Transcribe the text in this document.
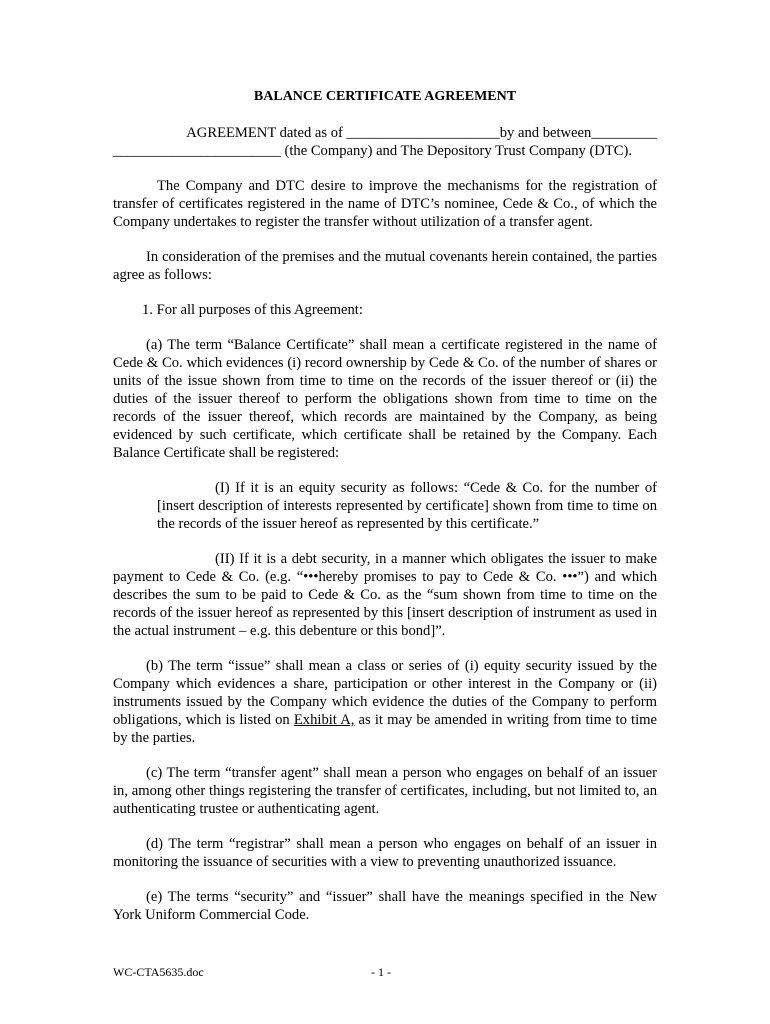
BALANCE CERTIFICATE AGREEMENT

AGREEMENT dated as of _____________________by and between_________

_______________________ (the Company) and The Depository Trust Company (DTC).

The Company and DTC desire to improve the mechanisms for the registration of transfer of certificates registered in the name of DTC’s nominee, Cede & Co., of which the Company undertakes to register the transfer without utilization of a transfer agent.

In consideration of the premises and the mutual covenants herein contained, the parties agree as follows:

1. For all purposes of this Agreement:

(a) The term “Balance Certificate” shall mean a certificate registered in the name of Cede & Co. which evidences (i) record ownership by Cede & Co. of the number of shares or units of the issue shown from time to time on the records of the issuer thereof or (ii) the duties of the issuer thereof to perform the obligations shown from time to time on the records of the issuer thereof, which records are maintained by the Company, as being evidenced by such certificate, which certificate shall be retained by the Company. Each Balance Certificate shall be registered:

(I) If it is an equity security as follows: “Cede & Co. for the number of [insert description of interests represented by certificate] shown from time to time on the records of the issuer hereof as represented by this certificate.”

(II) If it is a debt security, in a manner which obligates the issuer to make payment to Cede & Co. (e.g. “•••hereby promises to pay to Cede & Co. •••”) and which describes the sum to be paid to Cede & Co. as the “sum shown from time to time on the records of the issuer hereof as represented by this [insert description of instrument as used in the actual instrument – e.g. this debenture or this bond]”.

(b) The term “issue” shall mean a class or series of (i) equity security issued by the Company which evidences a share, participation or other interest in the Company or (ii) instruments issued by the Company which evidence the duties of the Company to perform obligations, which is listed on Exhibit A, as it may be amended in writing from time to time by the parties.

(c) The term “transfer agent” shall mean a person who engages on behalf of an issuer in, among other things registering the transfer of certificates, including, but not limited to, an authenticating trustee or authenticating agent.

(d) The term “registrar” shall mean a person who engages on behalf of an issuer in monitoring the issuance of securities with a view to preventing unauthorized issuance.

(e) The terms “security” and “issuer” shall have the meanings specified in the New York Uniform Commercial Code.

WC-CTA5635.doc	- 1 -
